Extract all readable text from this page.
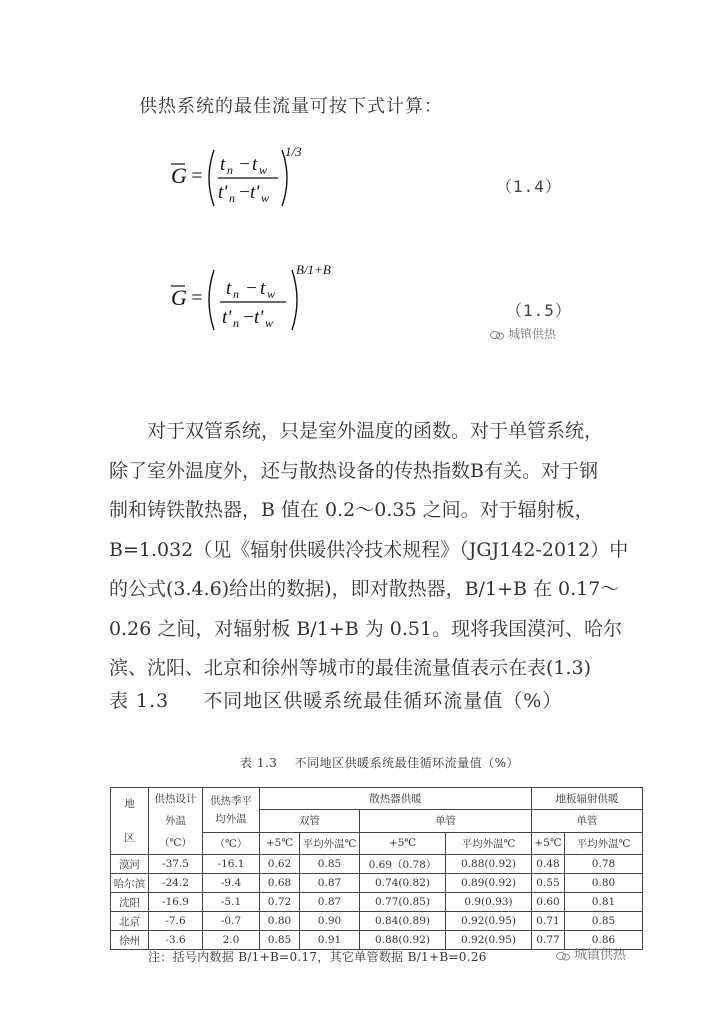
供热系统的最佳流量可按下式计算：
G =
t n − t w
t' n − t' w
1/3
（1.4）
G = t n − t w
t' n − t' w
B/1+B
（1.5）
城镇供热
对于双管系统，只是室外温度的函数。对于单管系统，
除了室外温度外，还与散热设备的传热指数B有关。对于钢
制和铸铁散热器，B 值在 0.2～0.35 之间。对于辐射板，
B=1.032（见《辐射供暖供冷技术规程》（JGJ142-2012）中
的公式(3.4.6)给出的数据)，即对散热器，B/1+B 在 0.17～
0.26 之间，对辐射板 B/1+B 为 0.51。现将我国漠河、哈尔
滨、沈阳、北京和徐州等城市的最佳流量值表示在表(1.3)
表 1.3 不同地区供暖系统最佳循环流量值（%）
表 1.3    不同地区供暖系统最佳循环流量值（%）
地

区	供热设计外温（℃）	供热季平均外温	散热器供暖				地板辐射供暖	
			双管		单管		单管	
		（℃）	+5℃	平均外温℃	+5℃	平均外温℃	+5℃	平均外温℃
漠河	-37.5	-16.1	0.62	0.85	0.69（0.78）	0.88(0.92)	0.48	0.78
哈尔滨	-24.2	-9.4	0.68	0.87	0.74(0.82)	0.89(0.92)	0.55	0.80
沈阳	-16.9	-5.1	0.72	0.87	0.77(0.85)	0.9(0.93)	0.60	0.81
北京	-7.6	-0.7	0.80	0.90	0.84(0.89)	0.92(0.95)	0.71	0.85
徐州	-3.6	2.0	0.85	0.91	0.88(0.92)	0.92(0.95)	0.77	0.86
城镇供热
注：括号内数据 B/1+B=0.17，其它单管数据 B/1+B=0.26
